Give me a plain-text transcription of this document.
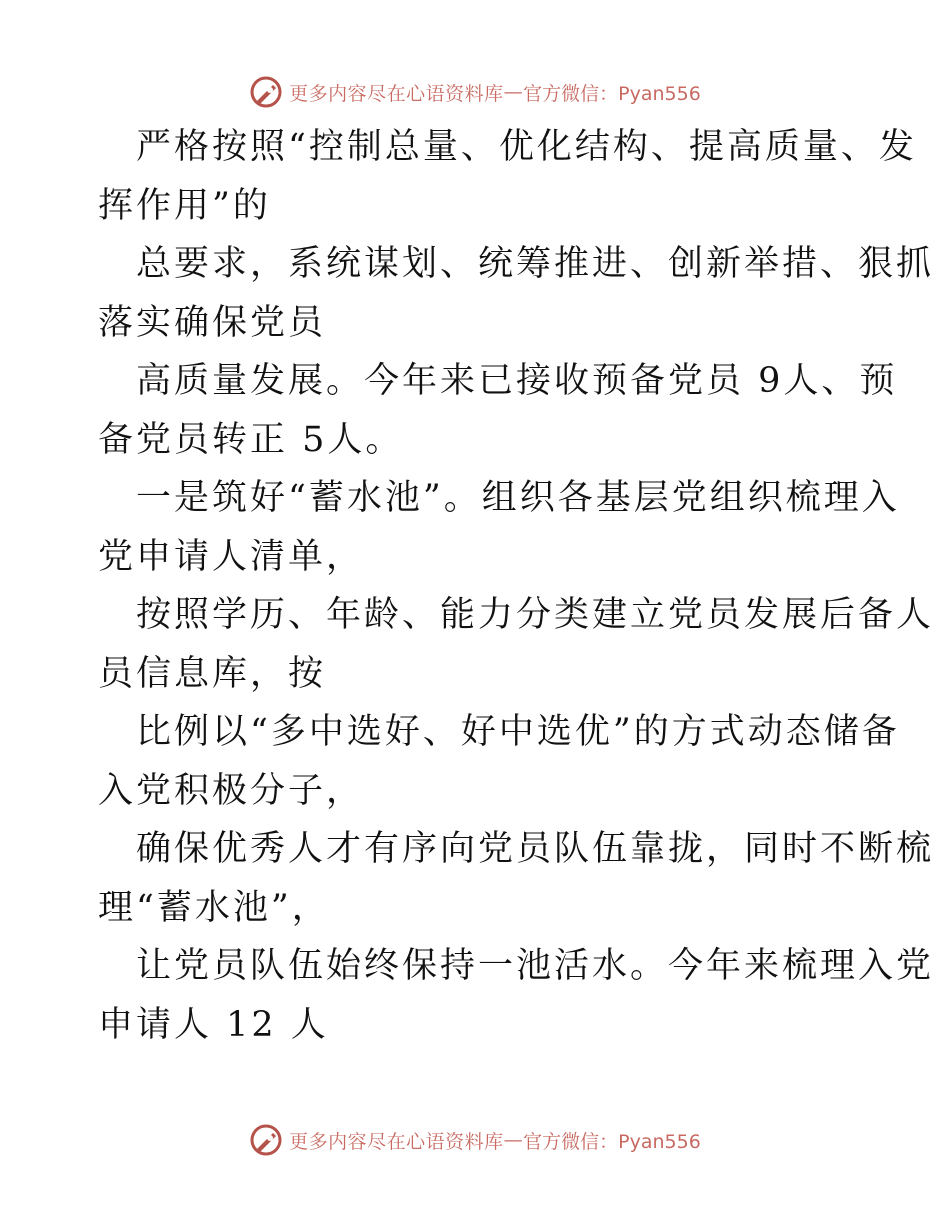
更多内容尽在心语资料库 — 官方微信：Pyan556
严格按照“控制总量、优化结构、提高质量、发
挥作用”的
总要求，系统谋划、统筹推进、创新举措、狠抓
落实确保党员
高质量发展。今年来已接收预备党员 9人、预
备党员转正 5人。
一是筑好“蓄水池”。组织各基层党组织梳理入
党申请人清单，
按照学历、年龄、能力分类建立党员发展后备人
员信息库，按
比例以“多中选好、好中选优”的方式动态储备
入党积极分子，
确保优秀人才有序向党员队伍靠拢，同时不断梳
理“蓄水池”，
让党员队伍始终保持一池活水。今年来梳理入党
申请人 12 人
更多内容尽在心语资料库 — 官方微信：Pyan556
